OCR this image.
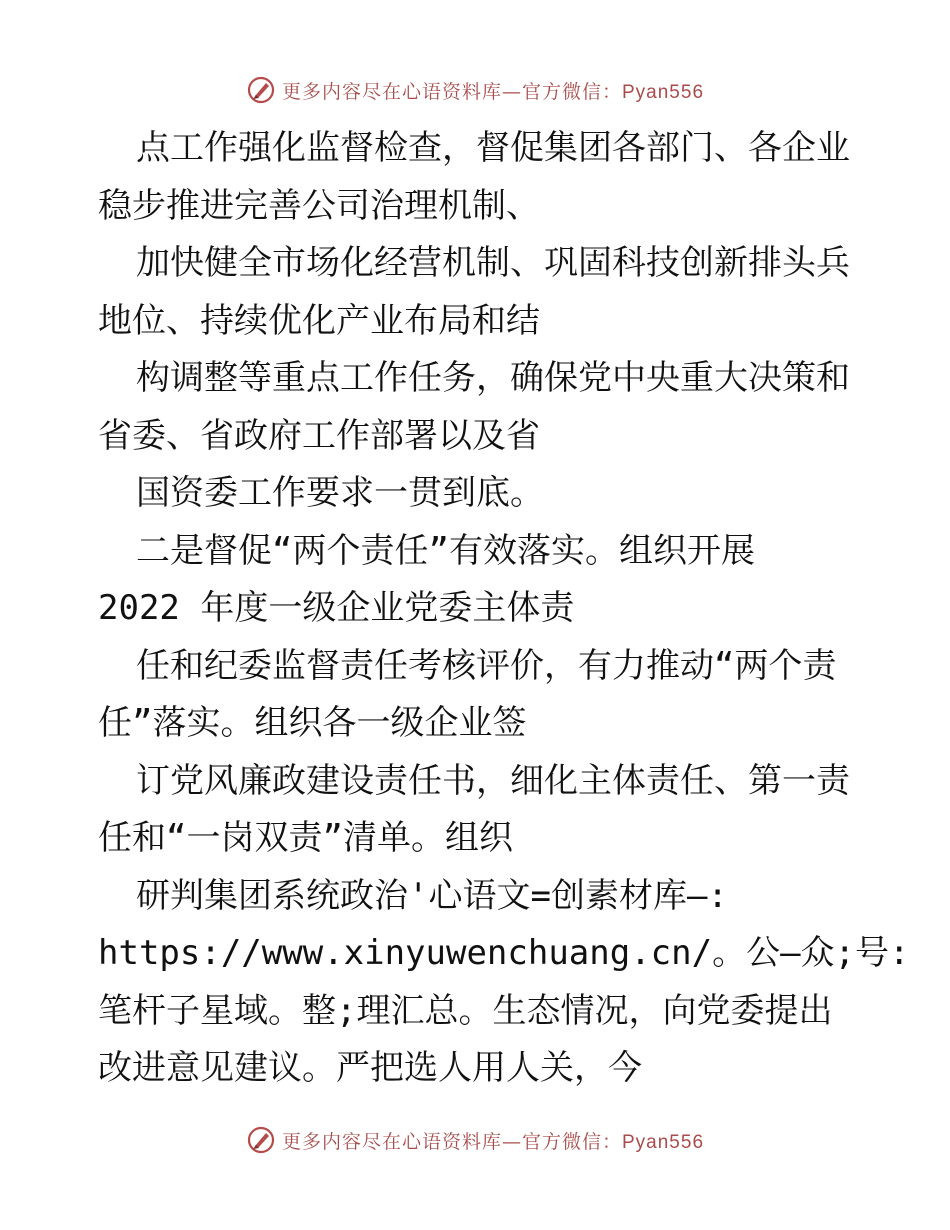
更多内容尽在心语资料库—官方微信：Pyan556
点工作强化监督检查，督促集团各部门、各企业
稳步推进完善公司治理机制、
加快健全市场化经营机制、巩固科技创新排头兵
地位、持续优化产业布局和结
构调整等重点工作任务，确保党中央重大决策和
省委、省政府工作部署以及省
国资委工作要求一贯到底。
二是督促“两个责任”有效落实。组织开展
2022 年度一级企业党委主体责
任和纪委监督责任考核评价，有力推动“两个责
任”落实。组织各一级企业签
订党风廉政建设责任书，细化主体责任、第一责
任和“一岗双责”清单。组织
研判集团系统政治'心语文=创素材库—:
https://www.xinyuwenchuang.cn/。公—众;号:
笔杆子星域。整;理汇总。生态情况，向党委提出
改进意见建议。严把选人用人关，今
更多内容尽在心语资料库—官方微信：Pyan556
